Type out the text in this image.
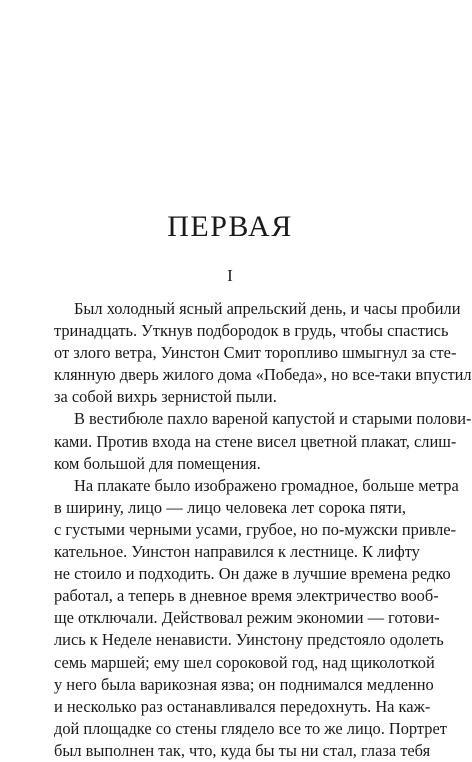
ПЕРВАЯ
I
Был холодный ясный апрельский день, и часы пробили
тринадцать. Уткнув подбородок в грудь, чтобы спастись
от злого ветра, Уинстон Смит торопливо шмыгнул за сте-
клянную дверь жилого дома «Победа», но все-таки впустил
за собой вихрь зернистой пыли.
В вестибюле пахло вареной капустой и старыми полови-
ками. Против входа на стене висел цветной плакат, слиш-
ком большой для помещения.
На плакате было изображено громадное, больше метра
в ширину, лицо — лицо человека лет сорока пяти,
с густыми черными усами, грубое, но по-мужски привле-
кательное. Уинстон направился к лестнице. К лифту
не стоило и подходить. Он даже в лучшие времена редко
работал, а теперь в дневное время электричество вооб-
ще отключали. Действовал режим экономии — готови-
лись к Неделе ненависти. Уинстону предстояло одолеть
семь маршей; ему шел сороковой год, над щиколоткой
у него была варикозная язва; он поднимался медленно
и несколько раз останавливался передохнуть. На каж-
дой площадке со стены глядело все то же лицо. Портрет
был выполнен так, что, куда бы ты ни стал, глаза тебя
